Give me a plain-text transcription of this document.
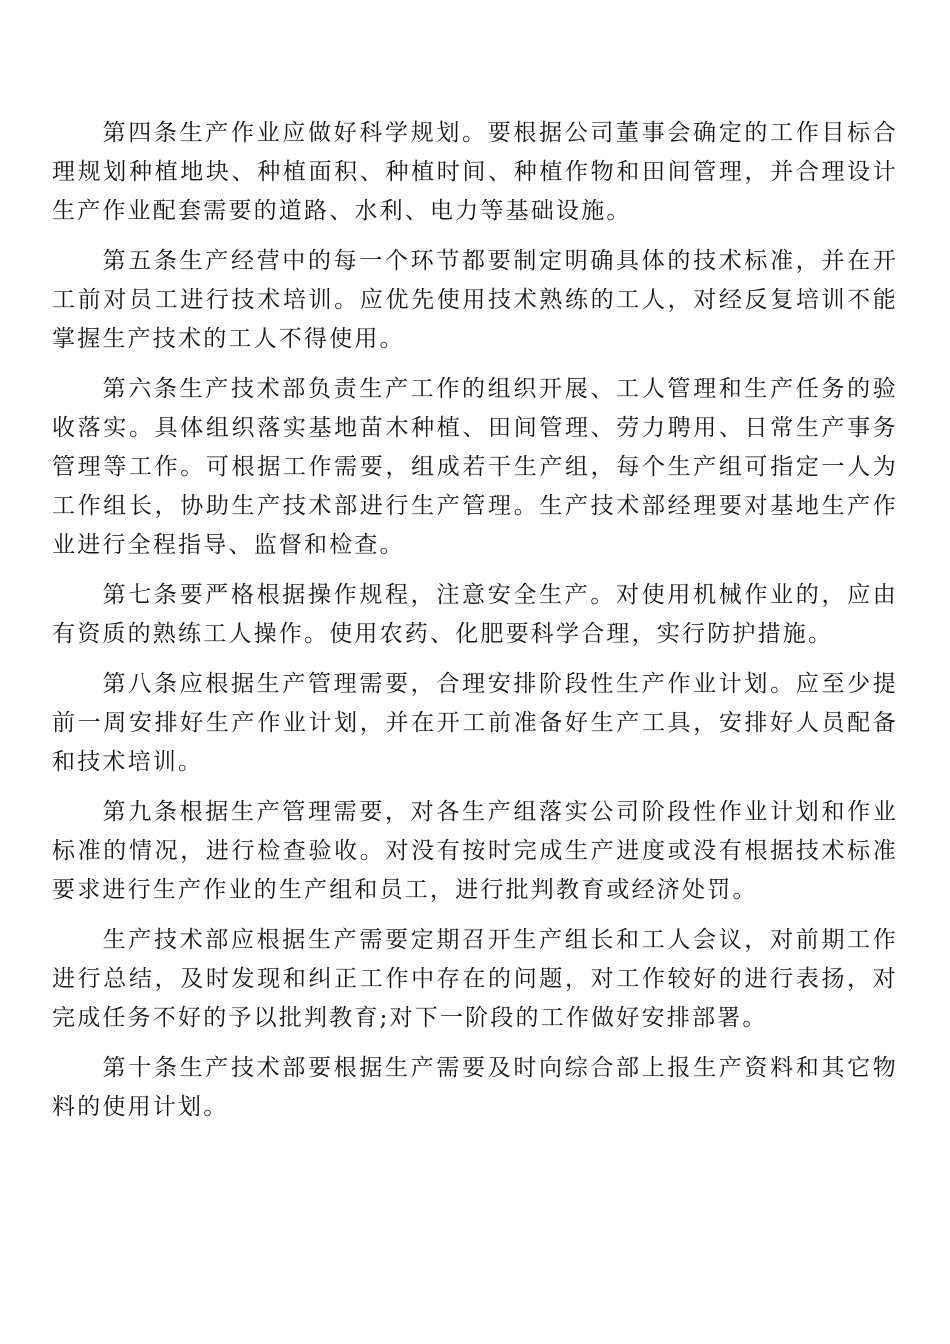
第四条生产作业应做好科学规划。要根据公司董事会确定的工作目标合理规划种植地块、种植面积、种植时间、种植作物和田间管理，并合理设计生产作业配套需要的道路、水利、电力等基础设施。

第五条生产经营中的每一个环节都要制定明确具体的技术标准，并在开工前对员工进行技术培训。应优先使用技术熟练的工人，对经反复培训不能掌握生产技术的工人不得使用。

第六条生产技术部负责生产工作的组织开展、工人管理和生产任务的验收落实。具体组织落实基地苗木种植、田间管理、劳力聘用、日常生产事务管理等工作。可根据工作需要，组成若干生产组，每个生产组可指定一人为工作组长，协助生产技术部进行生产管理。生产技术部经理要对基地生产作业进行全程指导、监督和检查。

第七条要严格根据操作规程，注意安全生产。对使用机械作业的，应由有资质的熟练工人操作。使用农药、化肥要科学合理，实行防护措施。

第八条应根据生产管理需要，合理安排阶段性生产作业计划。应至少提前一周安排好生产作业计划，并在开工前准备好生产工具，安排好人员配备和技术培训。

第九条根据生产管理需要，对各生产组落实公司阶段性作业计划和作业标准的情况，进行检查验收。对没有按时完成生产进度或没有根据技术标准要求进行生产作业的生产组和员工，进行批判教育或经济处罚。

生产技术部应根据生产需要定期召开生产组长和工人会议，对前期工作进行总结，及时发现和纠正工作中存在的问题，对工作较好的进行表扬，对完成任务不好的予以批判教育;对下一阶段的工作做好安排部署。

第十条生产技术部要根据生产需要及时向综合部上报生产资料和其它物料的使用计划。
